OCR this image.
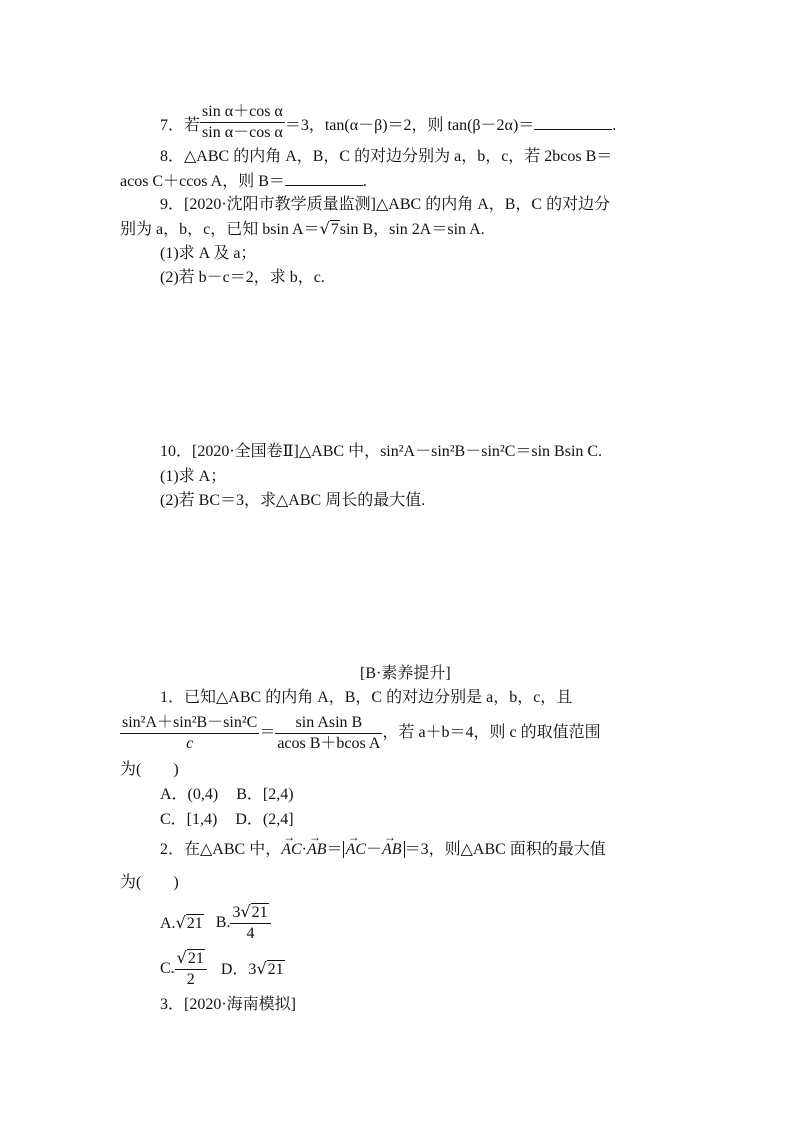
7．若 $\frac{\text{sin α＋cos α}}{\text{sin α－cos α}} =3$，tan(α－β)＝2，则 tan(β－2α)＝	.
8．△ABC 的内角 A，B，C 的对边分别为 a，b，c，若 2bcos B＝
acos C＋ccos A，则 B＝	.
9．[2020·沈阳市教学质量监测]△ABC 的内角 A，B，C 的对边分
别为 a，b，c，已知 bsin A＝√7sin B，sin 2A＝sin A.
(1)求 A 及 a；
(2)若 b－c＝2，求 b，c.
10．[2020·全国卷Ⅱ]△ABC 中，sin²A－sin²B－sin²C＝sin Bsin C.
(1)求 A；
(2)若 BC＝3，求△ABC 周长的最大值.
[B·素养提升]
1．已知△ABC 的内角 A，B，C 的对边分别是 a，b，c，且
$\frac{\text{sin²A＋sin²B－sin²C}}{c} = \frac{\text{sin Asin B}}{\text{acos B＋bcos A}}$ ，若 a＋b＝4，则 c 的取值范围
为(　　)
A．(0,4) B．[2,4)
C．[1,4) D．(2,4]
2．在△ABC 中，→ AC·→ AB＝→ AC－→ AB ＝3，则△ABC 面积的最大值
为(　　)
A.√21 B. $\frac{3√21}{4}$
C. $\frac{√21}{2}$ D．3√21
3．[2020·海南模拟]
